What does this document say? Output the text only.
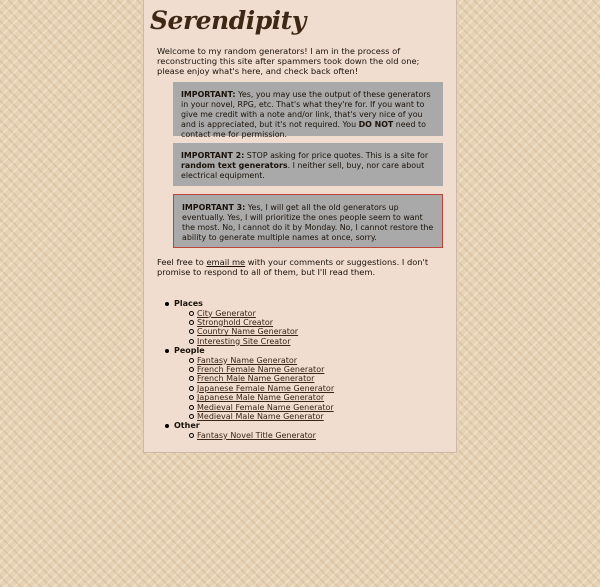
Serendipity

Welcome to my random generators! I am in the process of reconstructing this site after spammers took down the old one; please enjoy what's here, and check back often!

IMPORTANT: Yes, you may use the output of these generators in your novel, RPG, etc. That's what they're for. If you want to give me credit with a note and/or link, that's very nice of you and is appreciated, but it's not required. You DO NOT need to contact me for permission.
IMPORTANT 2: STOP asking for price quotes. This is a site for random text generators. I neither sell, buy, nor care about electrical equipment.
IMPORTANT 3: Yes, I will get all the old generators up eventually. Yes, I will prioritize the ones people seem to want the most. No, I cannot do it by Monday. No, I cannot restore the ability to generate multiple names at once, sorry.

Feel free to email me with your comments or suggestions. I don't promise to respond to all of them, but I'll read them.

Places
City Generator
Stronghold Creator
Country Name Generator
Interesting Site Creator
People
Fantasy Name Generator
French Female Name Generator
French Male Name Generator
Japanese Female Name Generator
Japanese Male Name Generator
Medieval Female Name Generator
Medieval Male Name Generator
Other
Fantasy Novel Title Generator
